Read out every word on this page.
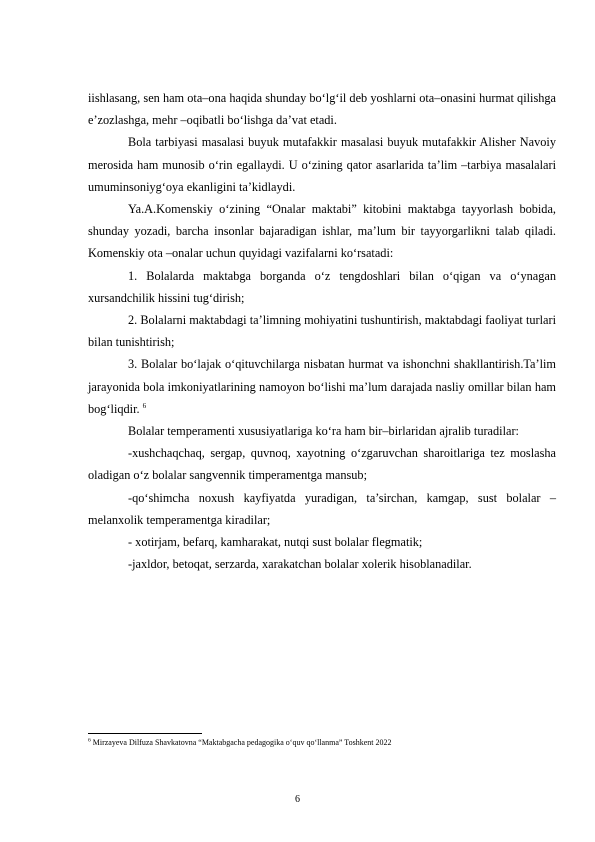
iishlasang, sen ham ota–ona haqida shunday bo‘lg‘il deb yoshlarni ota–onasini hurmat qilishga e’zozlashga, mehr –oqibatli bo‘lishga da’vat etadi.

Bola tarbiyasi masalasi buyuk mutafakkir masalasi buyuk mutafakkir Alisher Navoiy merosida ham munosib o‘rin egallaydi. U o‘zining qator asarlarida ta’lim –tarbiya masalalari umuminsoniyg‘oya ekanligini ta’kidlaydi.

Ya.A.Komenskiy o‘zining “Onalar maktabi” kitobini maktabga tayyorlash bobida, shunday yozadi, barcha insonlar bajaradigan ishlar, ma’lum bir tayyorgarlikni talab qiladi. Komenskiy ota –onalar uchun quyidagi vazifalarni ko‘rsatadi:

1. Bolalarda maktabga borganda o‘z tengdoshlari bilan o‘qigan va o‘ynagan xursandchilik hissini tug‘dirish;

2. Bolalarni maktabdagi ta’limning mohiyatini tushuntirish, maktabdagi faoliyat turlari bilan tunishtirish;

3. Bolalar bo‘lajak o‘qituvchilarga nisbatan hurmat va ishonchni shakllantirish.Ta’lim jarayonida bola imkoniyatlarining namoyon bo‘lishi ma’lum darajada nasliy omillar bilan ham bog‘liqdir. $^6$

Bolalar temperamenti xususiyatlariga ko‘ra ham bir–birlaridan ajralib turadilar:

-xushchaqchaq, sergap, quvnoq, xayotning o‘zgaruvchan sharoitlariga tez moslasha oladigan o‘z bolalar sangvennik timperamentga mansub;

-qo‘shimcha noxush kayfiyatda yuradigan, ta’sirchan, kamgap, sust bolalar –melanxolik temperamentga kiradilar;

- xotirjam, befarq, kamharakat, nutqi sust bolalar flegmatik;

-jaxldor, betoqat, serzarda, xarakatchan bolalar xolerik hisoblanadilar.

$^6$ Mirzayeva Dilfuza Shavkatovna “Maktabgacha pedagogika o‘quv qo‘llanma” Toshkent 2022

6
